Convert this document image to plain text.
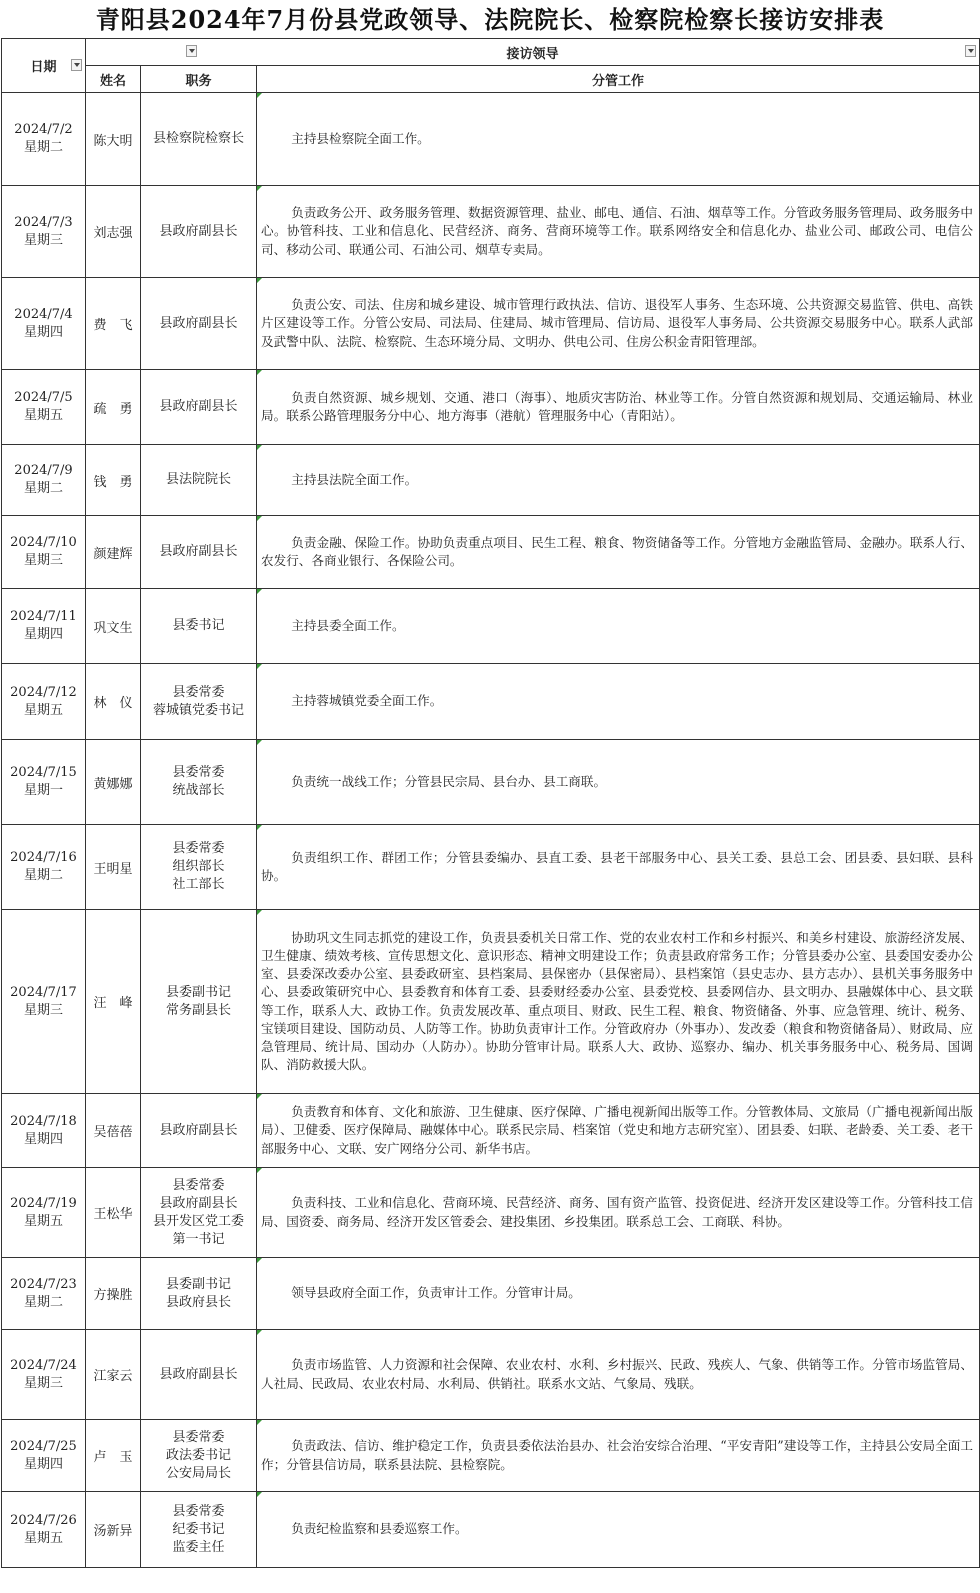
青阳县2024年7月份县党政领导、法院院长、检察院检察长接访安排表
日期	接访领导		

	姓名	职务	分管工作

2024/7/2
星期二	陈大明	县检察院检察长	主持县检察院全面工作。

2024/7/3
星期三	刘志强	县政府副县长	负责政务公开、政务服务管理、数据资源管理、盐业、邮电、通信、石油、烟草等工作。分管政务服务管理局、政务服务中心。协管科技、工业和信息化、民营经济、商务、营商环境等工作。联系网络安全和信息化办、盐业公司、邮政公司、电信公司、移动公司、联通公司、石油公司、烟草专卖局。

2024/7/4
星期四	费　飞	县政府副县长	负责公安、司法、住房和城乡建设、城市管理行政执法、信访、退役军人事务、生态环境、公共资源交易监管、供电、高铁片区建设等工作。分管公安局、司法局、住建局、城市管理局、信访局、退役军人事务局、公共资源交易服务中心。联系人武部及武警中队、法院、检察院、生态环境分局、文明办、供电公司、住房公积金青阳管理部。

2024/7/5
星期五	疏　勇	县政府副县长	负责自然资源、城乡规划、交通、港口（海事）、地质灾害防治、林业等工作。分管自然资源和规划局、交通运输局、林业局。联系公路管理服务分中心、地方海事（港航）管理服务中心（青阳站）。

2024/7/9
星期二	钱　勇	县法院院长	主持县法院全面工作。

2024/7/10
星期三	颜建辉	县政府副县长	负责金融、保险工作。协助负责重点项目、民生工程、粮食、物资储备等工作。分管地方金融监管局、金融办。联系人行、农发行、各商业银行、各保险公司。

2024/7/11
星期四	巩文生	县委书记	主持县委全面工作。

2024/7/12
星期五	林　仪	县委常委
蓉城镇党委书记	主持蓉城镇党委全面工作。

2024/7/15
星期一	黄娜娜	县委常委
统战部长	负责统一战线工作；分管县民宗局、县台办、县工商联。

2024/7/16
星期二	王明星	县委常委
组织部长
社工部长	负责组织工作、群团工作；分管县委编办、县直工委、县老干部服务中心、县关工委、县总工会、团县委、县妇联、县科协。

2024/7/17
星期三	汪　峰	县委副书记
常务副县长	协助巩文生同志抓党的建设工作，负责县委机关日常工作、党的农业农村工作和乡村振兴、和美乡村建设、旅游经济发展、卫生健康、绩效考核、宣传思想文化、意识形态、精神文明建设工作；负责县政府常务工作；分管县委办公室、县委国安委办公室、县委深改委办公室、县委政研室、县档案局、县保密办（县保密局）、县档案馆（县史志办、县方志办）、县机关事务服务中心、县委政策研究中心、县委教育和体育工委、县委财经委办公室、县委党校、县委网信办、县文明办、县融媒体中心、县文联等工作，联系人大、政协工作。负责发展改革、重点项目、财政、民生工程、粮食、物资储备、外事、应急管理、统计、税务、宝镁项目建设、国防动员、人防等工作。协助负责审计工作。分管政府办（外事办）、发改委（粮食和物资储备局）、财政局、应急管理局、统计局、国动办（人防办）。协助分管审计局。联系人大、政协、巡察办、编办、机关事务服务中心、税务局、国调队、消防救援大队。

2024/7/18
星期四	吴蓓蓓	县政府副县长	负责教育和体育、文化和旅游、卫生健康、医疗保障、广播电视新闻出版等工作。分管教体局、文旅局（广播电视新闻出版局）、卫健委、医疗保障局、融媒体中心。联系民宗局、档案馆（党史和地方志研究室）、团县委、妇联、老龄委、关工委、老干部服务中心、文联、安广网络分公司、新华书店。

2024/7/19
星期五	王松华	县委常委
县政府副县长
县开发区党工委
第一书记	负责科技、工业和信息化、营商环境、民营经济、商务、国有资产监管、投资促进、经济开发区建设等工作。分管科技工信局、国资委、商务局、经济开发区管委会、建投集团、乡投集团。联系总工会、工商联、科协。

2024/7/23
星期二	方操胜	县委副书记
县政府县长	领导县政府全面工作，负责审计工作。分管审计局。

2024/7/24
星期三	江家云	县政府副县长	负责市场监管、人力资源和社会保障、农业农村、水利、乡村振兴、民政、残疾人、气象、供销等工作。分管市场监管局、人社局、民政局、农业农村局、水利局、供销社。联系水文站、气象局、残联。

2024/7/25
星期四	卢　玉	县委常委
政法委书记
公安局局长	负责政法、信访、维护稳定工作，负责县委依法治县办、社会治安综合治理、“平安青阳”建设等工作，主持县公安局全面工作；分管县信访局，联系县法院、县检察院。

2024/7/26
星期五	汤新异	县委常委
纪委书记
监委主任	负责纪检监察和县委巡察工作。
